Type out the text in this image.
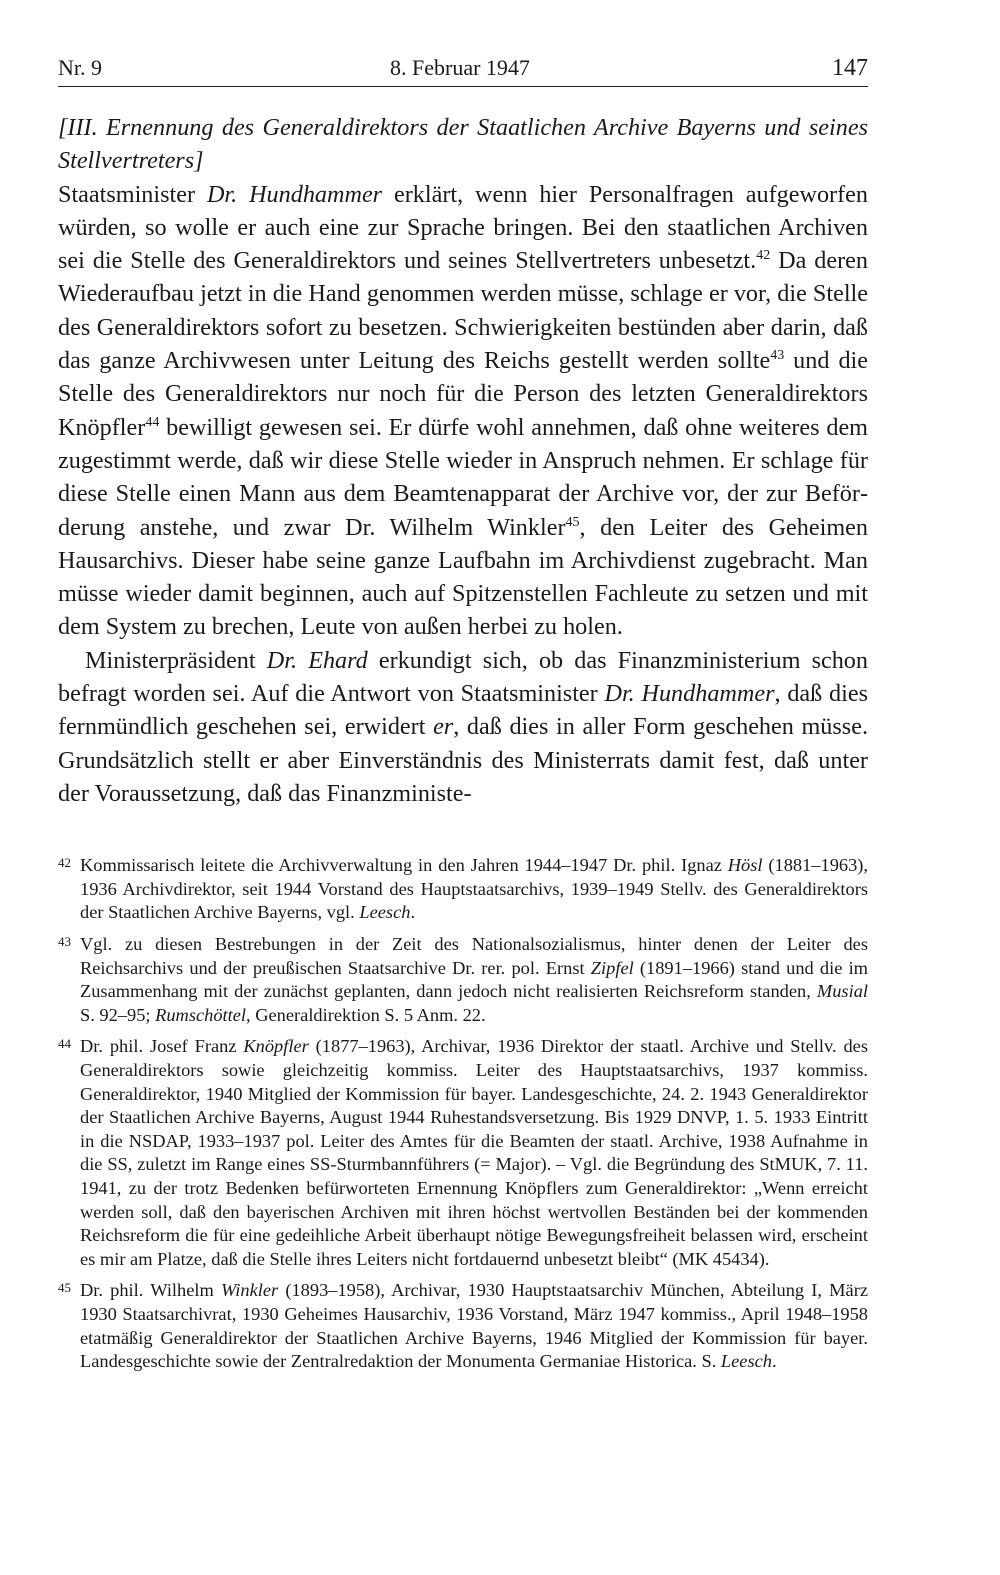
Nr. 9	8. Februar 1947	147

[III. Ernennung des Generaldirektors der Staatlichen Archive Bayerns und seines Stellvertreters]

Staatsminister Dr. Hundhammer erklärt, wenn hier Personalfragen aufgeworfen würden, so wolle er auch eine zur Sprache bringen. Bei den staatlichen Archiven sei die Stelle des Generaldirektors und seines Stellvertreters unbesetzt.$^{42}$ Da deren Wiederaufbau jetzt in die Hand genommen werden müsse, schlage er vor, die Stelle des Generaldirektors sofort zu besetzen. Schwierigkeiten bestünden aber darin, daß das ganze Archivwesen unter Leitung des Reichs gestellt werden sollte$^{43}$ und die Stelle des Generaldirektors nur noch für die Person des letzten Generaldirektors Knöpfler$^{44}$ bewilligt gewesen sei. Er dürfe wohl annehmen, daß ohne weiteres dem zugestimmt werde, daß wir diese Stelle wieder in Anspruch nehmen. Er schlage für diese Stelle einen Mann aus dem Beamtenapparat der Archive vor, der zur Beförderung anstehe, und zwar Dr. Wilhelm Winkler$^{45}$, den Leiter des Geheimen Hausarchivs. Dieser habe seine ganze Laufbahn im Archivdienst zugebracht. Man müsse wieder damit beginnen, auch auf Spitzenstellen Fachleute zu setzen und mit dem System zu brechen, Leute von außen herbei zu holen.

Ministerpräsident Dr. Ehard erkundigt sich, ob das Finanzministerium schon befragt worden sei. Auf die Antwort von Staatsminister Dr. Hundhammer, daß dies fernmündlich geschehen sei, erwidert er, daß dies in aller Form geschehen müsse. Grundsätzlich stellt er aber Einverständnis des Ministerrats damit fest, daß unter der Voraussetzung, daß das Finanzministe-

42 Kommissarisch leitete die Archivverwaltung in den Jahren 1944–1947 Dr. phil. Ignaz Hösl (1881–1963), 1936 Archivdirektor, seit 1944 Vorstand des Hauptstaatsarchivs, 1939–1949 Stellv. des Generaldirektors der Staatlichen Archive Bayerns, vgl. Leesch.
43 Vgl. zu diesen Bestrebungen in der Zeit des Nationalsozialismus, hinter denen der Leiter des Reichsarchivs und der preußischen Staatsarchive Dr. rer. pol. Ernst Zipfel (1891–1966) stand und die im Zusammenhang mit der zunächst geplanten, dann jedoch nicht realisierten Reichsreform standen, Musial S. 92–95; Rumschöttel, Generaldirektion S. 5 Anm. 22.
44 Dr. phil. Josef Franz Knöpfler (1877–1963), Archivar, 1936 Direktor der staatl. Archive und Stellv. des Generaldirektors sowie gleichzeitig kommiss. Leiter des Hauptstaatsarchivs, 1937 kommiss. Generaldirektor, 1940 Mitglied der Kommission für bayer. Landesgeschichte, 24. 2. 1943 Generaldirektor der Staatlichen Archive Bayerns, August 1944 Ruhestandsversetzung. Bis 1929 DNVP, 1. 5. 1933 Eintritt in die NSDAP, 1933–1937 pol. Leiter des Amtes für die Beamten der staatl. Archive, 1938 Aufnahme in die SS, zuletzt im Range eines SS-Sturmbannführers (= Major). – Vgl. die Begründung des StMUK, 7. 11. 1941, zu der trotz Bedenken befürworteten Ernennung Knöpflers zum Generaldirektor: „Wenn erreicht werden soll, daß den bayerischen Archiven mit ihren höchst wertvollen Beständen bei der kommenden Reichsreform die für eine gedeihliche Arbeit überhaupt nötige Bewegungsfreiheit belassen wird, erscheint es mir am Platze, daß die Stelle ihres Leiters nicht fortdauernd unbesetzt bleibt“ (MK 45434).
45 Dr. phil. Wilhelm Winkler (1893–1958), Archivar, 1930 Hauptstaatsarchiv München, Abteilung I, März 1930 Staatsarchivrat, 1930 Geheimes Hausarchiv, 1936 Vorstand, März 1947 kommiss., April 1948–1958 etatmäßig Generaldirektor der Staatlichen Archive Bayerns, 1946 Mitglied der Kommission für bayer. Landesgeschichte sowie der Zentralredaktion der Monumenta Germaniae Historica. S. Leesch.
